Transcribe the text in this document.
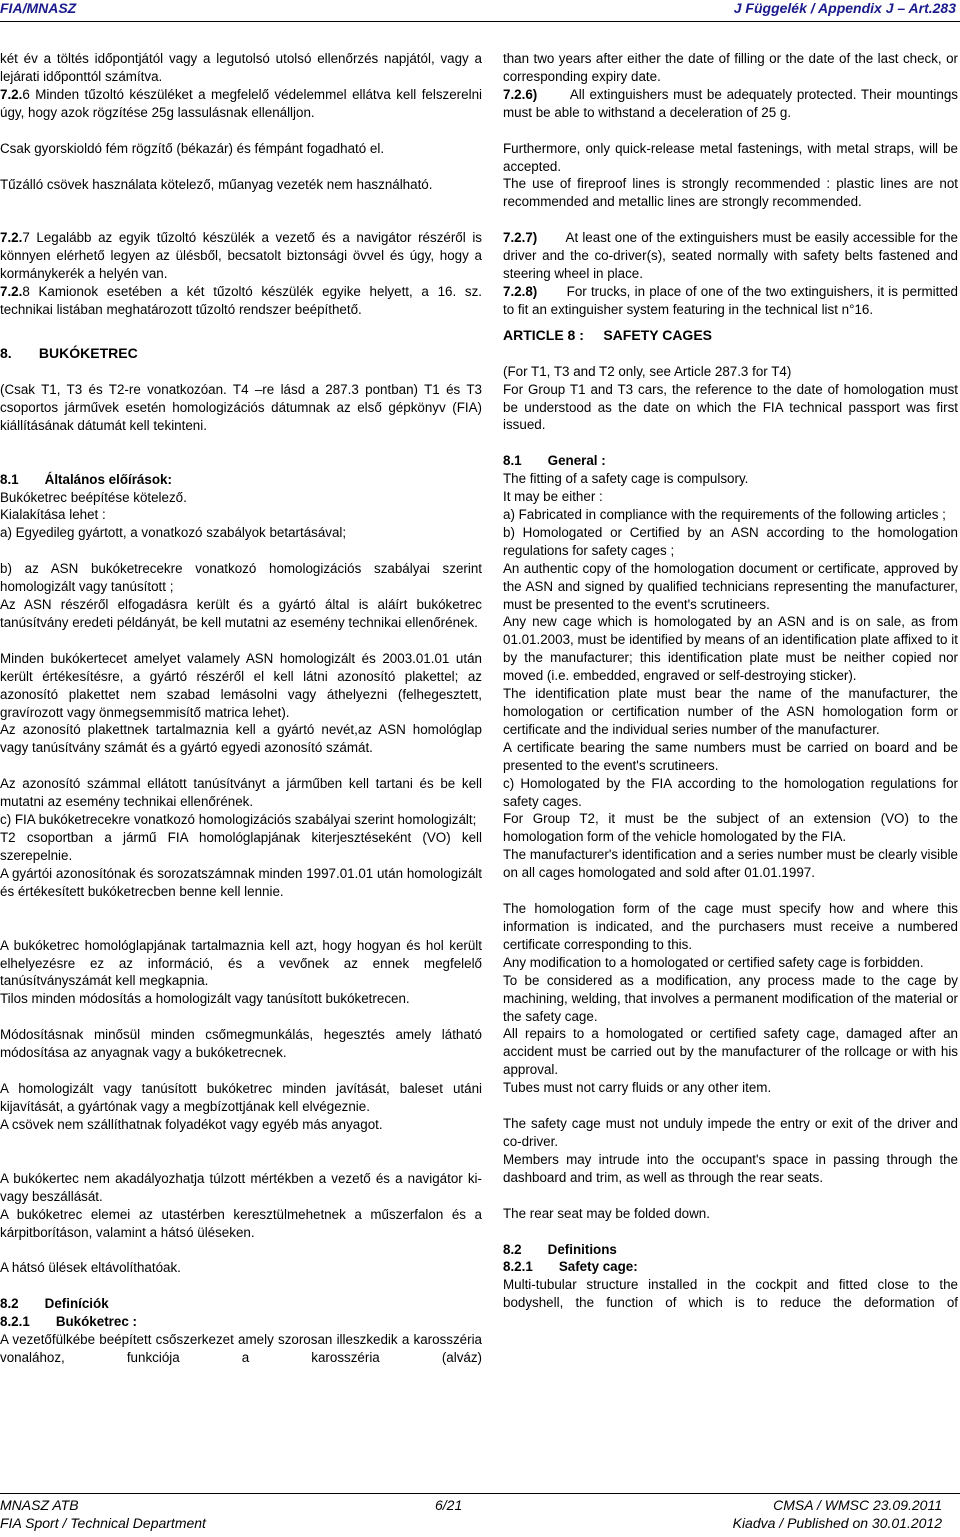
FIA/MNASZ	J Függelék / Appendix J – Art.283

két év a töltés időpontjától vagy a legutolsó utolsó ellenőrzés napjától, vagy a lejárati időponttól számítva.

7.2.6 Minden tűzoltó készüléket a megfelelő védelemmel ellátva kell felszerelni úgy, hogy azok rögzítése 25g lassulásnak ellenálljon.

Csak gyorskioldó fém rögzítő (békazár) és fémpánt fogadható el.

Tűzálló csövek használata kötelező, műanyag vezeték nem használható.

7.2.7 Legalább az egyik tűzoltó készülék a vezető és a navigátor részéről is könnyen elérhető legyen az ülésből, becsatolt biztonsági övvel és úgy, hogy a kormánykerék a helyén van.

7.2.8 Kamionok esetében a két tűzoltó készülék egyike helyett, a 16. sz. technikai listában meghatározott tűzoltó rendszer beépíthető.

8.       BUKÓKETREC

(Csak T1, T3 és T2-re vonatkozóan. T4 –re lásd a 287.3 pontban) T1 és T3 csoportos járművek esetén homologizációs dátumnak az első gépkönyv (FIA) kiállításának dátumát kell tekinteni.

8.1       Általános előírások:

Bukóketrec beépítése kötelező.

Kialakítása lehet :

a) Egyedileg gyártott, a vonatkozó szabályok betartásával;

b) az ASN bukóketrecekre vonatkozó homologizációs szabályai szerint homologizált vagy tanúsított ;

Az ASN részéről elfogadásra került és a gyártó által is aláírt bukóketrec tanúsítvány eredeti példányát, be kell mutatni az esemény technikai ellenőrének.

Minden bukókertecet amelyet valamely ASN homologizált és 2003.01.01 után került értékesítésre, a gyártó részéről el kell látni azonosító plakettel; az azonosító plakettet nem szabad lemásolni vagy áthelyezni (felhegesztett, gravírozott vagy önmegsemmisítő matrica lehet).

Az azonosító plakettnek tartalmaznia kell a gyártó nevét,az ASN homológlap vagy tanúsítvány számát és a gyártó egyedi azonosító számát.

Az azonosító számmal ellátott tanúsítványt a járműben kell tartani és be kell mutatni az esemény technikai ellenőrének.

c) FIA bukóketrecekre vonatkozó homologizációs szabályai szerint homologizált;

T2 csoportban a jármű FIA homológlapjának kiterjesztéseként (VO) kell szerepelnie.

A gyártói azonosítónak és sorozatszámnak minden 1997.01.01 után homologizált és értékesített bukóketrecben benne kell lennie.

A bukóketrec homológlapjának tartalmaznia kell azt, hogy hogyan és hol került elhelyezésre ez az információ, és a vevőnek az ennek megfelelő tanúsítványszámát kell megkapnia.

Tilos minden módosítás a homologizált vagy tanúsított bukóketrecen.

Módosításnak minősül minden csőmegmunkálás, hegesztés amely látható módosítása az anyagnak vagy a bukóketrecnek.

A homologizált vagy tanúsított bukóketrec minden javítását, baleset utáni kijavítását, a gyártónak vagy a megbízottjának kell elvégeznie.

A csövek nem szállíthatnak folyadékot vagy egyéb más anyagot.

A bukókertec nem akadályozhatja túlzott mértékben a vezető és a navigátor ki- vagy beszállását.

A bukóketrec elemei az utastérben keresztülmehetnek a műszerfalon és a kárpitborításon, valamint a hátsó üléseken.

A hátsó ülések eltávolíthatóak.

8.2       Definíciók

8.2.1       Bukóketrec :

A vezetőfülkébe beépített csőszerkezet amely szorosan illeszkedik a karosszéria vonalához, funkciója a karosszéria (alváz)

than two years after either the date of filling or the date of the last check, or corresponding expiry date.

7.2.6)       All extinguishers must be adequately protected. Their mountings must be able to withstand a deceleration of 25 g.

Furthermore, only quick-release metal fastenings, with metal straps, will be accepted.

The use of fireproof lines is strongly recommended : plastic lines are not recommended and metallic lines are strongly recommended.

7.2.7)       At least one of the extinguishers must be easily accessible for the driver and the co-driver(s), seated normally with safety belts fastened and steering wheel in place.

7.2.8)       For trucks, in place of one of the two extinguishers, it is permitted to fit an extinguisher system featuring in the technical list n°16.

ARTICLE 8 :     SAFETY CAGES

(For T1, T3 and T2 only, see Article 287.3 for T4)

For Group T1 and T3 cars, the reference to the date of homologation must be understood as the date on which the FIA technical passport was first issued.

8.1       General :

The fitting of a safety cage is compulsory.

It may be either :

a) Fabricated in compliance with the requirements of the following articles ;

b) Homologated or Certified by an ASN according to the homologation regulations for safety cages ;

An authentic copy of the homologation document or certificate, approved by the ASN and signed by qualified technicians representing the manufacturer, must be presented to the event's scrutineers.

Any new cage which is homologated by an ASN and is on sale, as from 01.01.2003, must be identified by means of an identification plate affixed to it by the manufacturer; this identification plate must be neither copied nor moved (i.e. embedded, engraved or self-destroying sticker).

The identification plate must bear the name of the manufacturer, the homologation or certification number of the ASN homologation form or certificate and the individual series number of the manufacturer.

A certificate bearing the same numbers must be carried on board and be presented to the event's scrutineers.

c) Homologated by the FIA according to the homologation regulations for safety cages.

For Group T2, it must be the subject of an extension (VO) to the homologation form of the vehicle homologated by the FIA.

The manufacturer's identification and a series number must be clearly visible on all cages homologated and sold after 01.01.1997.

The homologation form of the cage must specify how and where this information is indicated, and the purchasers must receive a numbered certificate corresponding to this.

Any modification to a homologated or certified safety cage is forbidden.

To be considered as a modification, any process made to the cage by machining, welding, that involves a permanent modification of the material or the safety cage.

All repairs to a homologated or certified safety cage, damaged after an accident must be carried out by the manufacturer of the rollcage or with his approval.

Tubes must not carry fluids or any other item.

The safety cage must not unduly impede the entry or exit of the driver and co-driver.

Members may intrude into the occupant's space in passing through the dashboard and trim, as well as through the rear seats.

The rear seat may be folded down.

8.2       Definitions

8.2.1       Safety cage:

Multi-tubular structure installed in the cockpit and fitted close to the bodyshell, the function of which is to reduce the deformation of

MNASZ ATB
FIA Sport / Technical Department
6/21	CMSA / WMSC 23.09.2011
Kiadva / Published on 30.01.2012
